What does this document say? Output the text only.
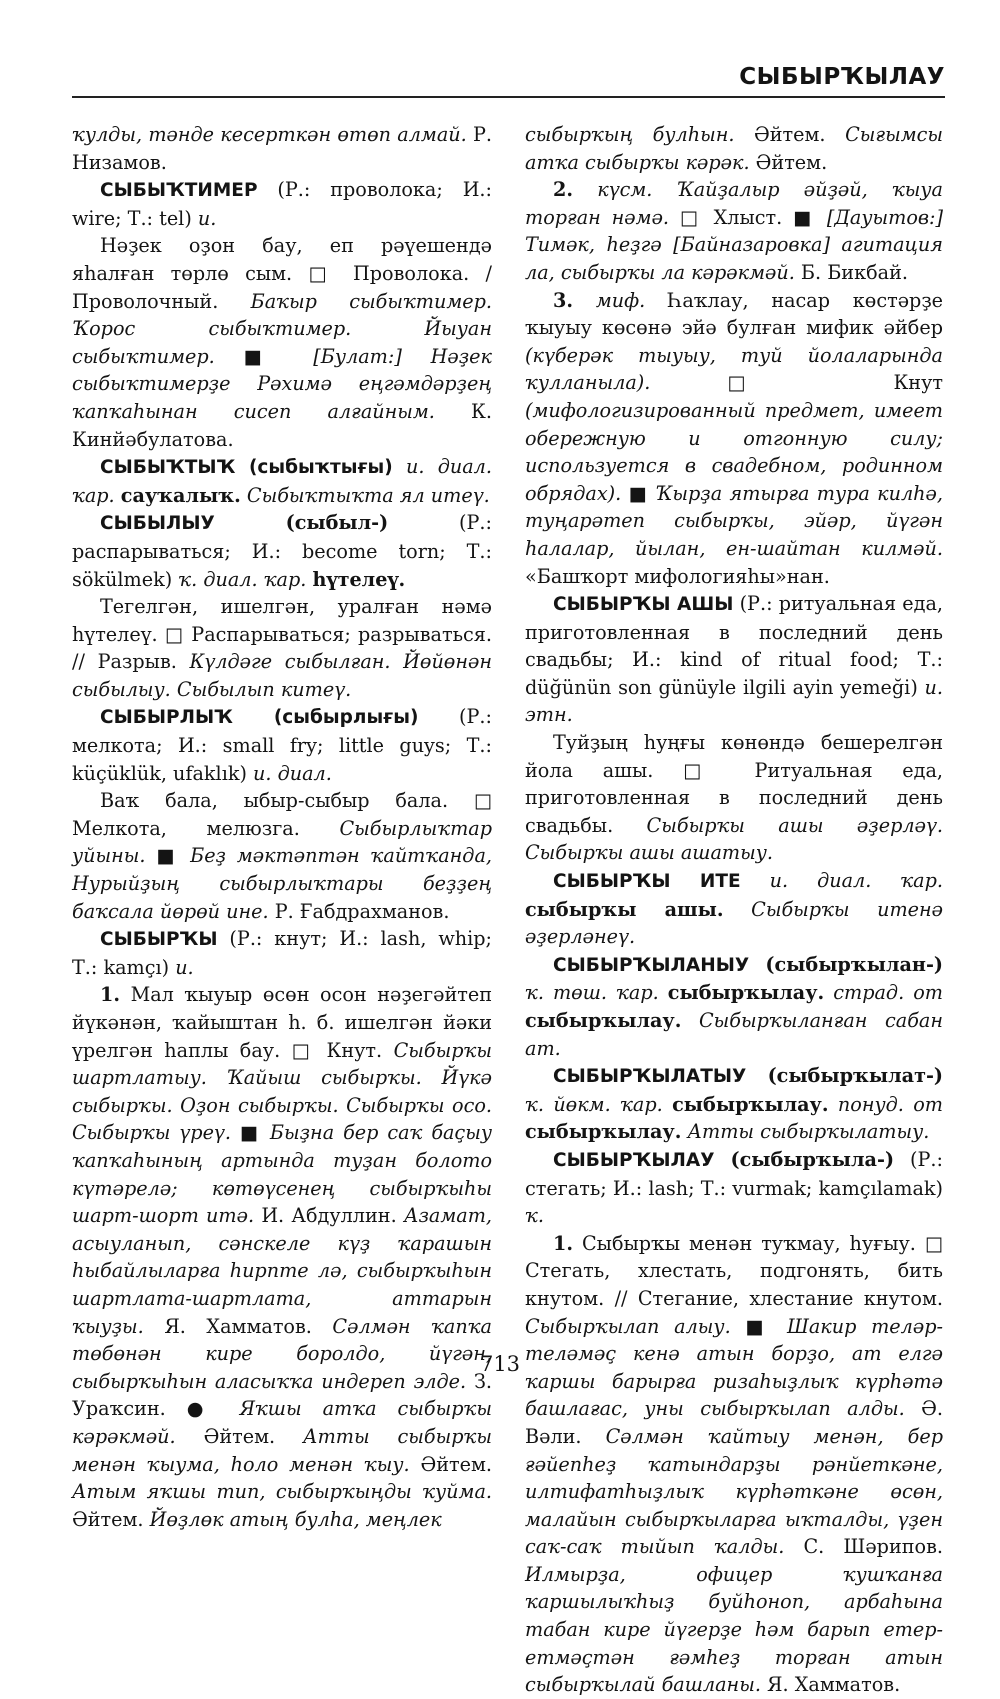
СЫБЫРҠЫЛАУ

ҡулды, тәнде кесерткән өтөп алмай. Р. Низамов.

СЫБЫҠТИМЕР (Р.: проволока; И.: wire; Т.: tel) и.

Нәҙек оҙон бау, еп рәүешендә яһалған төрлө сым. □ Проволока. / Проволочный. Баҡыр сыбыҡтимер. Ҡорос сыбыҡтимер. Йыуан сыбыҡтимер. ■ [Булат:] Нәҙек сыбыҡтимерҙе Рәхимә еңгәмдәрҙең ҡапҡаһынан сисеп алғайным. К. Кинйәбулатова.

СЫБЫҠТЫҠ (сыбыҡтығы) и. диал. ҡар. сауҡалыҡ. Сыбыҡтыҡта ял итеү.

СЫБЫЛЫУ	(сыбыл-) (Р.: распарываться; И.: become torn; Т.: sökülmek) ҡ. диал. ҡар. һүтелеү.

Тегелгән, ишелгән, уралған нәмә һүтелеү. □ Распарываться; разрываться. // Разрыв. Күлдәге сыбылған. Йөйөнән сыбылыу. Сыбылып китеү.

СЫБЫРЛЫҠ (сыбырлығы) (Р.: мелкота; И.: small fry; little guys; Т.: küçüklük, ufaklık) и. диал.

Ваҡ бала, ыбыр-сыбыр бала. □ Мелкота, мелюзга. Сыбырлыҡтар уйыны. ■ Беҙ мәктәптән ҡайтҡанда, Нурыйҙың сыбырлыҡтары беҙҙең баҡсала йөрөй ине. Р. Ғабдрахманов.

СЫБЫРҠЫ (Р.: кнут; И.: lash, whip; Т.: kamçı) и.

1. Мал ҡыуыр өсөн осон нәҙегәйтеп йүкәнән, ҡайыштан һ. б. ишелгән йәки үрелгән һаплы бау. □ Кнут. Сыбырҡы шартлатыу. Ҡайыш сыбырҡы. Йүкә сыбырҡы. Оҙон сыбырҡы. Сыбырҡы осо. Сыбырҡы үреү. ■ Быҙна бер саҡ баҫыу ҡапҡаһының артында туҙан болото күтәрелә; көтөүсенең сыбырҡыһы шарт-шорт итә. И. Абдуллин. Азамат, асыуланып, сәнскеле күҙ ҡарашын һыбайлыларға һирпте лә, сыбырҡыһын шартлата-шартлата, аттарын ҡыуҙы. Я. Хамматов. Сәлмән ҡапҡа төбөнән кире боролдо, йүгән, сыбырҡыһын аласыҡҡа индереп элде. З. Ураҡсин. ● Яҡшы атҡа сыбырҡы кәрәкмәй. Әйтем. Атты сыбырҡы менән ҡыума, һоло менән ҡыу. Әйтем. Атым яҡшы тип, сыбырҡыңды ҡуйма. Әйтем. Йөҙлөк атың булһа, меңлек

сыбырҡың булһын. Әйтем. Сығымсы атҡа сыбырҡы кәрәк. Әйтем.

2. күсм. Ҡайҙалыр әйҙәй, ҡыуа торған нәмә. □ Хлыст. ■ [Дауытов:] Тимәк, һеҙгә [Байназаровка] агитация ла, сыбырҡы ла кәрәкмәй. Б. Бикбай.

3. миф. Һаҡлау, насар көстәрҙе ҡыуыу көсөнә эйә булған мифик әйбер (күберәк тыуыу, туй йолаларында ҡулланыла). □ Кнут (мифологизированный предмет, имеет обережную и отгонную силу; используется в свадебном, родинном обрядах). ■ Ҡырҙа ятырға тура килһә, туңарәтеп сыбырҡы, эйәр, йүгән һалалар, йылан, ен-шайтан килмәй. «Башҡорт мифологияһы»нан.

СЫБЫРҠЫ АШЫ (Р.: ритуальная еда, приготовленная в последний день свадьбы; И.: kind of ritual food; Т.: düğünün son günüyle ilgili ayin yemeği) и. этн.

Туйҙың һуңғы көнөндә бешерелгән йола ашы. □ Ритуальная еда, приготовленная в последний день свадьбы. Сыбырҡы ашы әҙерләү. Сыбырҡы ашы ашатыу.

СЫБЫРҠЫ ИТЕ и. диал. ҡар. сыбырҡы ашы. Сыбырҡы итенә әҙерләнеү.

СЫБЫРҠЫЛАНЫУ (сыбырҡылан-) ҡ. төш. ҡар. сыбырҡылау. страд. от сыбырҡылау. Сыбырҡыланған сабан ат.

СЫБЫРҠЫЛАТЫУ (сыбырҡылат-) ҡ. йөкм. ҡар. сыбырҡылау. понуд. от сыбырҡылау. Атты сыбырҡылатыу.

СЫБЫРҠЫЛАУ (сыбырҡыла-) (Р.: стегать; И.: lash; Т.: vurmak; kamçılamak) ҡ.

1. Сыбырҡы менән туҡмау, һуғыу. □ Стегать, хлестать, подгонять, бить кнутом. // Стегание, хлестание кнутом. Сыбырҡылап алыу. ■ Шакир теләр-теләмәҫ кенә атын борҙо, ат елгә ҡаршы барырға ризаһыҙлыҡ күрһәтә башлағас, уны сыбырҡылап алды. Ә. Вәли. Сәлмән ҡайтыу менән, бер ғәйепһеҙ ҡатындарҙы рәнйеткәне, илтифатһыҙлыҡ күрһәткәне өсөн, малайын сыбырҡыларға ыҡталды, үҙен саҡ-саҡ тыйып ҡалды. С. Шәрипов. Илмырҙа, офицер ҡушҡанға ҡаршылыҡһыҙ буйһоноп, арбаһына табан кире йүгерҙе һәм барып етер-етмәҫтән ғәмһеҙ торған атын сыбырҡылай башланы. Я. Хамматов.

713
